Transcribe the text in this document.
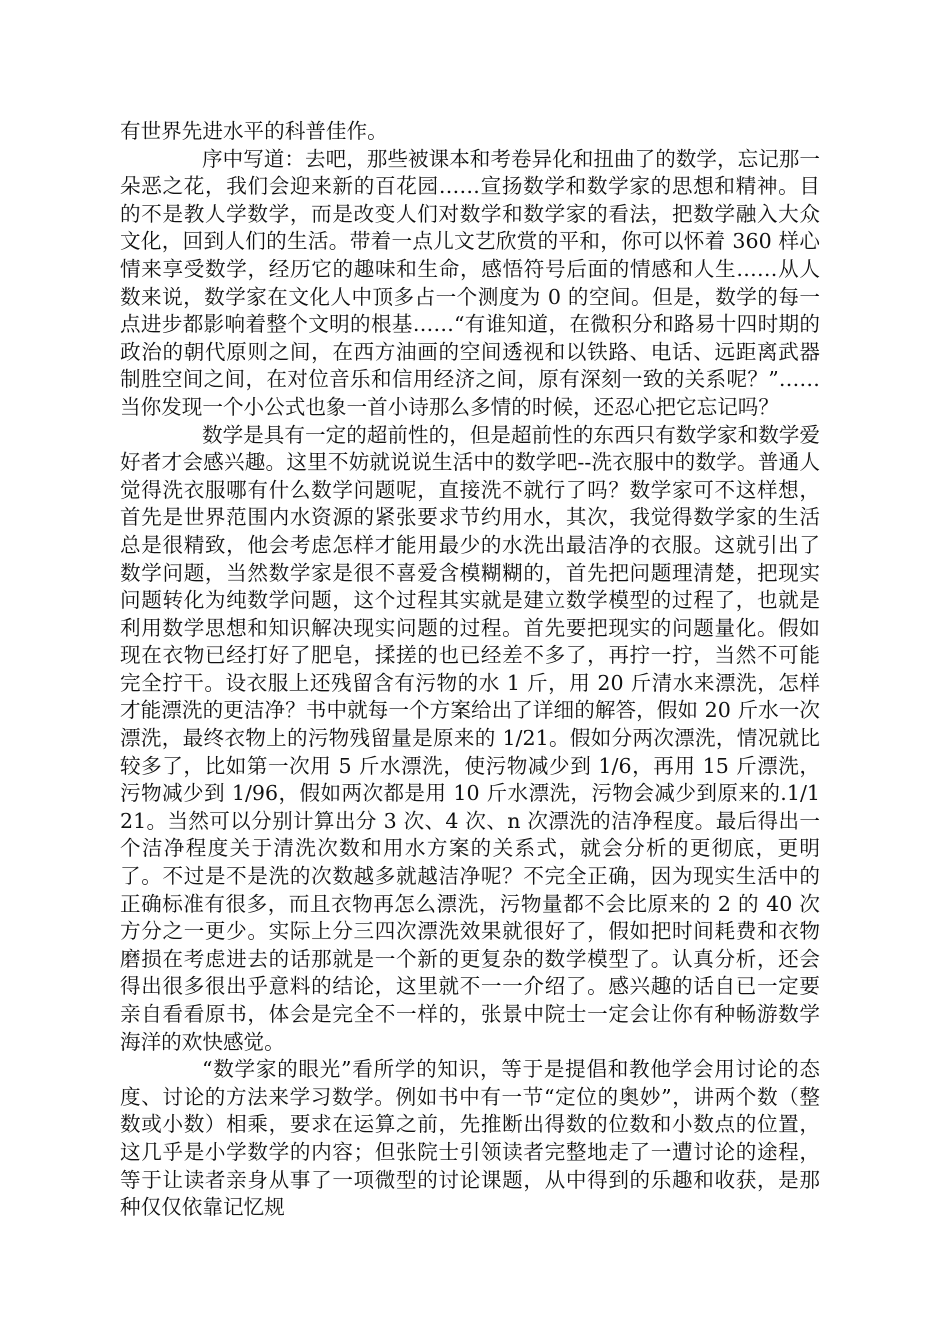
有世界先进水平的科普佳作。

序中写道：去吧，那些被课本和考卷异化和扭曲了的数学，忘记那一朵恶之花，我们会迎来新的百花园……宣扬数学和数学家的思想和精神。目的不是教人学数学，而是改变人们对数学和数学家的看法，把数学融入大众文化，回到人们的生活。带着一点儿文艺欣赏的平和，你可以怀着 360 样心情来享受数学，经历它的趣味和生命，感悟符号后面的情感和人生……从人数来说，数学家在文化人中顶多占一个测度为 0 的空间。但是，数学的每一点进步都影响着整个文明的根基……“有谁知道，在微积分和路易十四时期的政治的朝代原则之间，在西方油画的空间透视和以铁路、电话、远距离武器制胜空间之间，在对位音乐和信用经济之间，原有深刻一致的关系呢？”……当你发现一个小公式也象一首小诗那么多情的时候，还忍心把它忘记吗？

数学是具有一定的超前性的，但是超前性的东西只有数学家和数学爱好者才会感兴趣。这里不妨就说说生活中的数学吧--洗衣服中的数学。普通人觉得洗衣服哪有什么数学问题呢，直接洗不就行了吗？数学家可不这样想，首先是世界范围内水资源的紧张要求节约用水，其次，我觉得数学家的生活总是很精致，他会考虑怎样才能用最少的水洗出最洁净的衣服。这就引出了数学问题，当然数学家是很不喜爱含模糊糊的，首先把问题理清楚，把现实问题转化为纯数学问题，这个过程其实就是建立数学模型的过程了，也就是利用数学思想和知识解决现实问题的过程。首先要把现实的问题量化。假如现在衣物已经打好了肥皂，揉搓的也已经差不多了，再拧一拧，当然不可能完全拧干。设衣服上还残留含有污物的水 1 斤，用 20 斤清水来漂洗，怎样才能漂洗的更洁净？书中就每一个方案给出了详细的解答，假如 20 斤水一次漂洗，最终衣物上的污物残留量是原来的 1/21。假如分两次漂洗，情况就比较多了，比如第一次用 5 斤水漂洗，使污物减少到 1/6，再用 15 斤漂洗，污物减少到 1/96，假如两次都是用 10 斤水漂洗，污物会减少到原来的.1/121。当然可以分别计算出分 3 次、4 次、n 次漂洗的洁净程度。最后得出一个洁净程度关于清洗次数和用水方案的关系式，就会分析的更彻底，更明了。不过是不是洗的次数越多就越洁净呢？不完全正确，因为现实生活中的正确标准有很多，而且衣物再怎么漂洗，污物量都不会比原来的 2 的 40 次方分之一更少。实际上分三四次漂洗效果就很好了，假如把时间耗费和衣物磨损在考虑进去的话那就是一个新的更复杂的数学模型了。认真分析，还会得出很多很出乎意料的结论，这里就不一一介绍了。感兴趣的话自已一定要亲自看看原书，体会是完全不一样的，张景中院士一定会让你有种畅游数学海洋的欢快感觉。

“数学家的眼光”看所学的知识，等于是提倡和教他学会用讨论的态度、讨论的方法来学习数学。例如书中有一节“定位的奥妙”，讲两个数（整数或小数）相乘，要求在运算之前，先推断出得数的位数和小数点的位置，这几乎是小学数学的内容；但张院士引领读者完整地走了一遭讨论的途程，等于让读者亲身从事了一项微型的讨论课题，从中得到的乐趣和收获，是那种仅仅依靠记忆规
